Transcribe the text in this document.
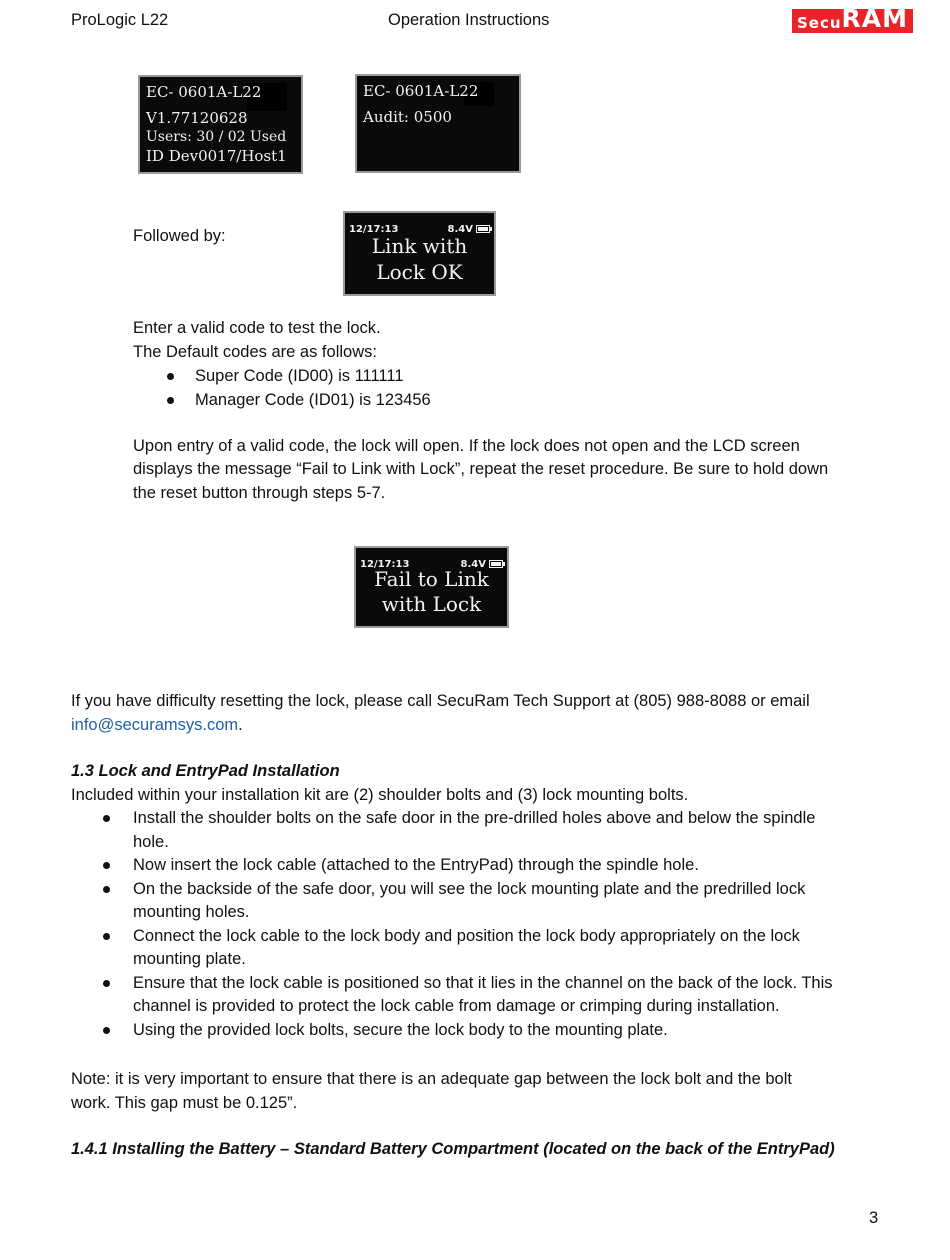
ProLogic L22	Operation Instructions	Secu RAM
EC- 0601A-L22
V1.77120628
Users: 30 / 02 Used
ID Dev0017/Host1
EC- 0601A-L22
Audit: 0500
Followed by:	12/17:13	8.4V
Link with
Lock OK
Enter a valid code to test the lock.
The Default codes are as follows:
Super Code (ID00) is 111111
Manager Code (ID01) is 123456
Upon entry of a valid code, the lock will open. If the lock does not open and the LCD screen
displays the message “Fail to Link with Lock”, repeat the reset procedure. Be sure to hold down
the reset button through steps 5-7.
12/17:13	8.4V
Fail to Link
with Lock
If you have difficulty resetting the lock, please call SecuRam Tech Support at (805) 988-8088 or email
info@securamsys.com.
1.3 Lock and EntryPad Installation
Included within your installation kit are (2) shoulder bolts and (3) lock mounting bolts.
Install the shoulder bolts on the safe door in the pre-drilled holes above and below the spindle
hole.
Now insert the lock cable (attached to the EntryPad) through the spindle hole.
On the backside of the safe door, you will see the lock mounting plate and the predrilled lock
mounting holes.
Connect the lock cable to the lock body and position the lock body appropriately on the lock
mounting plate.
Ensure that the lock cable is positioned so that it lies in the channel on the back of the lock. This
channel is provided to protect the lock cable from damage or crimping during installation.
Using the provided lock bolts, secure the lock body to the mounting plate.
Note: it is very important to ensure that there is an adequate gap between the lock bolt and the bolt
work. This gap must be 0.125”.
1.4.1 Installing the Battery – Standard Battery Compartment (located on the back of the EntryPad)
3
